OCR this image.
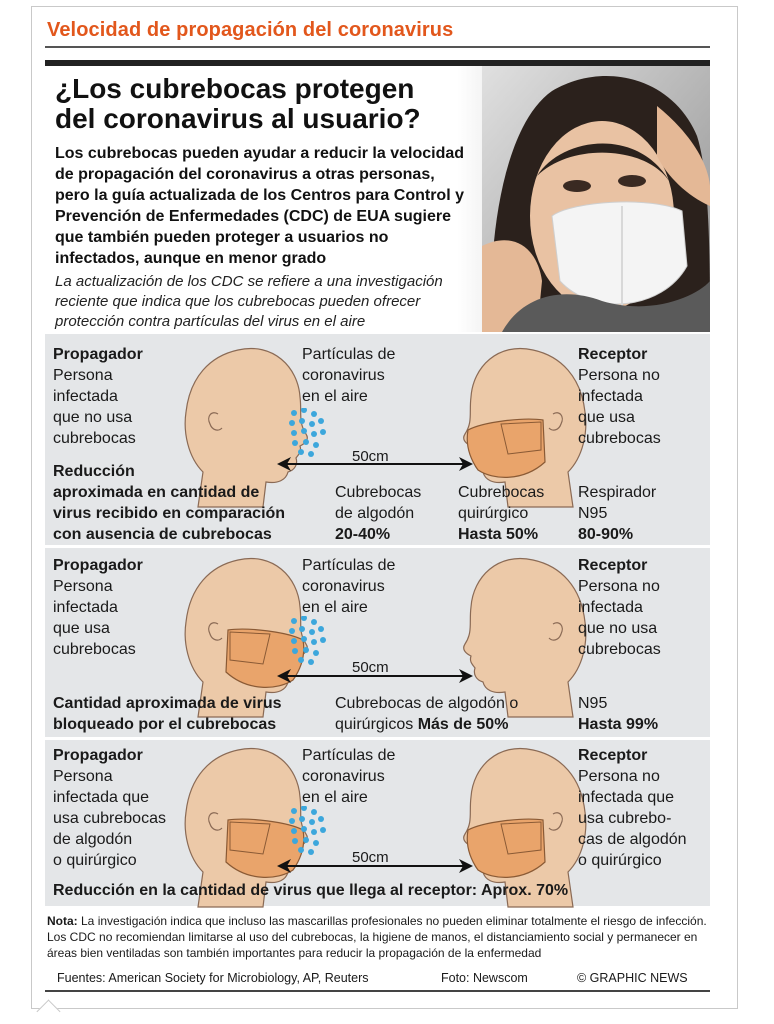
Velocidad de propagación del coronavirus
¿Los cubrebocas protegen
del coronavirus al usuario?
Los cubrebocas pueden ayudar a reducir la velocidad de propagación del coronavirus a otras personas, pero la guía actualizada de los Centros para Control y Prevención de Enfermedades (CDC) de EUA sugiere que también pueden proteger a usuarios no infectados, aunque en menor grado
La actualización de los CDC se refiere a una investigación reciente que indica que los cubrebocas pueden ofrecer protección contra partículas del virus en el aire
Propagador
Persona
infectada
que no usa
cubrebocas
Partículas de
coronavirus
en el aire
50cm
Receptor
Persona no
infectada
que usa
cubrebocas
Reducción
aproximada en cantidad de
virus recibido en comparación
con ausencia de cubrebocas
Cubrebocas
de algodón
20-40%
Cubrebocas
quirúrgico
Hasta 50%
Respirador
N95
80-90%
Propagador
Persona
infectada
que usa
cubrebocas
Partículas de
coronavirus
en el aire
50cm
Receptor
Persona no
infectada
que no usa
cubrebocas
Cantidad aproximada de virus
bloqueado por el cubrebocas
Cubrebocas de algodón o
quirúrgicos Más de 50%
N95
Hasta 99%
Propagador
Persona
infectada que
usa cubrebocas
de algodón
o quirúrgico
Partículas de
coronavirus
en el aire
50cm
Receptor
Persona no
infectada que
usa cubrebo-
cas de algodón
o quirúrgico
Reducción en la cantidad de virus que llega al receptor: Aprox. 70%
Nota: La investigación indica que incluso las mascarillas profesionales no pueden eliminar totalmente el riesgo de infección. Los CDC no recomiendan limitarse al uso del cubrebocas, la higiene de manos, el distanciamiento social y permanecer en áreas bien ventiladas son también importantes para reducir la propagación de la enfermedad
Fuentes: American Society for Microbiology, AP, Reuters	Foto: Newscom	© GRAPHIC NEWS
